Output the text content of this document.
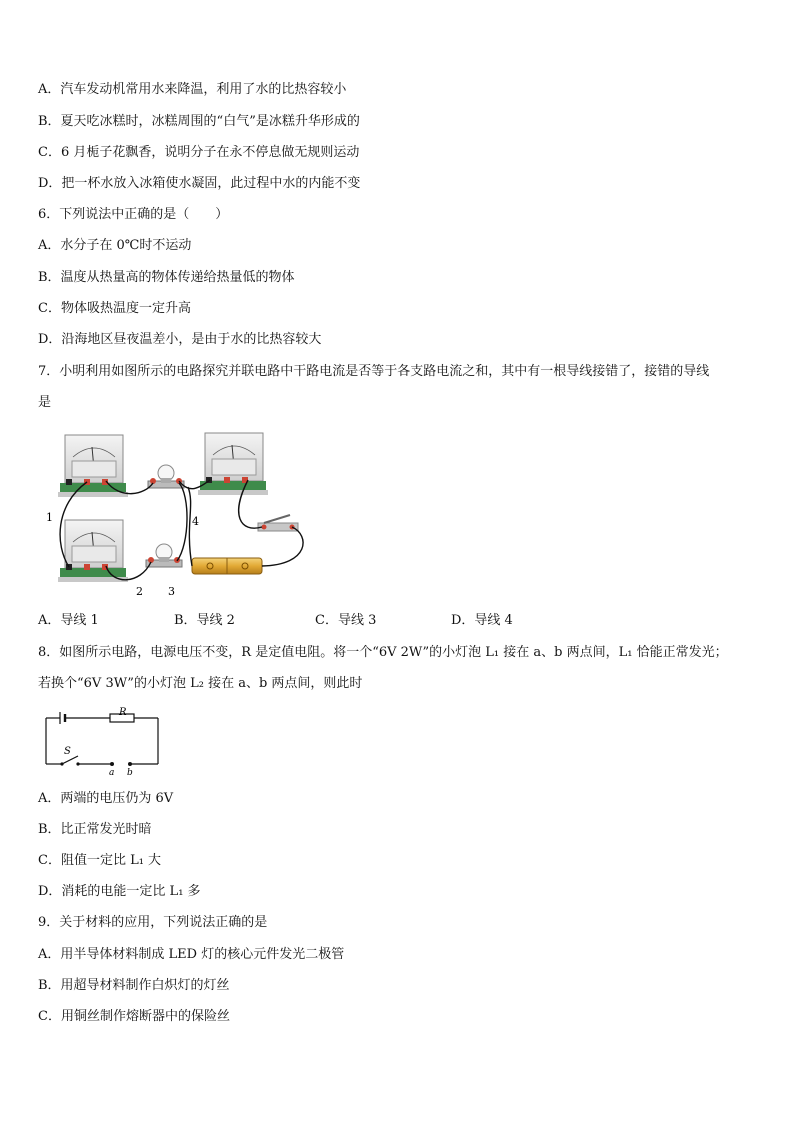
A．汽车发动机常用水来降温，利用了水的比热容较小
B．夏天吃冰糕时，冰糕周围的“白气”是冰糕升华形成的
C．6 月栀子花飘香，说明分子在永不停息做无规则运动
D．把一杯水放入冰箱使水凝固，此过程中水的内能不变
6．下列说法中正确的是（　　）
A．水分子在 0℃时不运动
B．温度从热量高的物体传递给热量低的物体
C．物体吸热温度一定升高
D．沿海地区昼夜温差小，是由于水的比热容较大
7．小明利用如图所示的电路探究并联电路中干路电流是否等于各支路电流之和，其中有一根导线接错了，接错的导线
是
1
2 3
4
A．导线 1	B．导线 2	C．导线 3	D．导线 4
8．如图所示电路，电源电压不变，R 是定值电阻。将一个“6V 2W”的小灯泡 L₁ 接在 a、b 两点间，L₁ 恰能正常发光；
若换个“6V 3W”的小灯泡 L₂ 接在 a、b 两点间，则此时
R
S
a b
A．两端的电压仍为 6V
B．比正常发光时暗
C．阻值一定比 L₁ 大
D．消耗的电能一定比 L₁ 多
9．关于材料的应用，下列说法正确的是
A．用半导体材料制成 LED 灯的核心元件发光二极管
B．用超导材料制作白炽灯的灯丝
C．用铜丝制作熔断器中的保险丝
